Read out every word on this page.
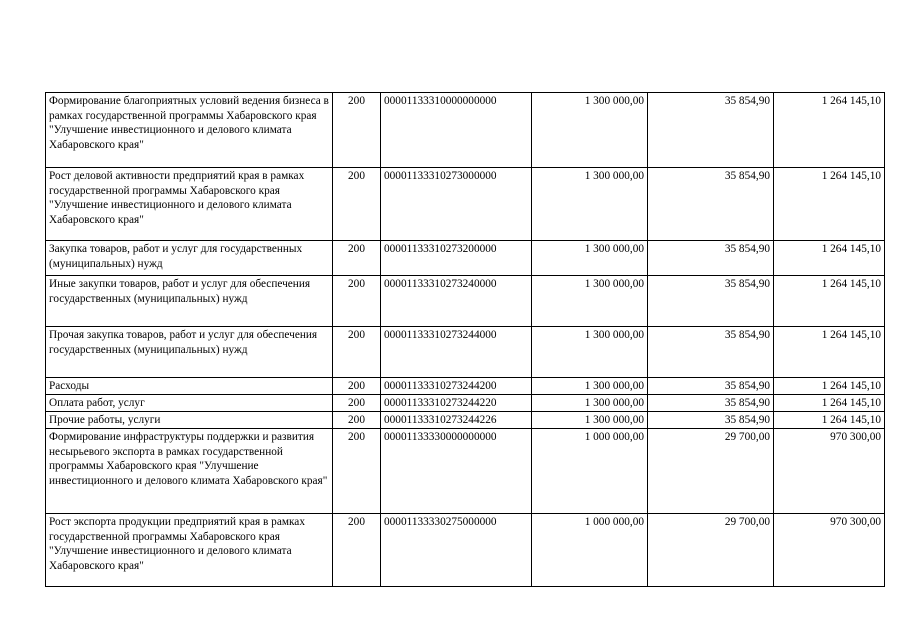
Формирование благоприятных условий ведения бизнеса в рамках государственной программы Хабаровского края "Улучшение инвестиционного и делового климата Хабаровского края"	200	00001133310000000000	1 300 000,00	35 854,90	1 264 145,10
Рост деловой активности предприятий края в рамках государственной программы Хабаровского края "Улучшение инвестиционного и делового климата Хабаровского края"	200	00001133310273000000	1 300 000,00	35 854,90	1 264 145,10
Закупка товаров, работ и услуг для государственных (муниципальных) нужд	200	00001133310273200000	1 300 000,00	35 854,90	1 264 145,10
Иные закупки товаров, работ и услуг для обеспечения государственных (муниципальных) нужд	200	00001133310273240000	1 300 000,00	35 854,90	1 264 145,10
Прочая закупка товаров, работ и услуг для обеспечения государственных (муниципальных) нужд	200	00001133310273244000	1 300 000,00	35 854,90	1 264 145,10
Расходы	200	00001133310273244200	1 300 000,00	35 854,90	1 264 145,10
Оплата работ, услуг	200	00001133310273244220	1 300 000,00	35 854,90	1 264 145,10
Прочие работы, услуги	200	00001133310273244226	1 300 000,00	35 854,90	1 264 145,10
Формирование инфраструктуры поддержки и развития несырьевого экспорта в рамках государственной программы Хабаровского края "Улучшение инвестиционного и делового климата Хабаровского края"	200	00001133330000000000	1 000 000,00	29 700,00	970 300,00
Рост экспорта продукции предприятий края в рамках государственной программы Хабаровского края "Улучшение инвестиционного и делового климата Хабаровского края"	200	00001133330275000000	1 000 000,00	29 700,00	970 300,00
